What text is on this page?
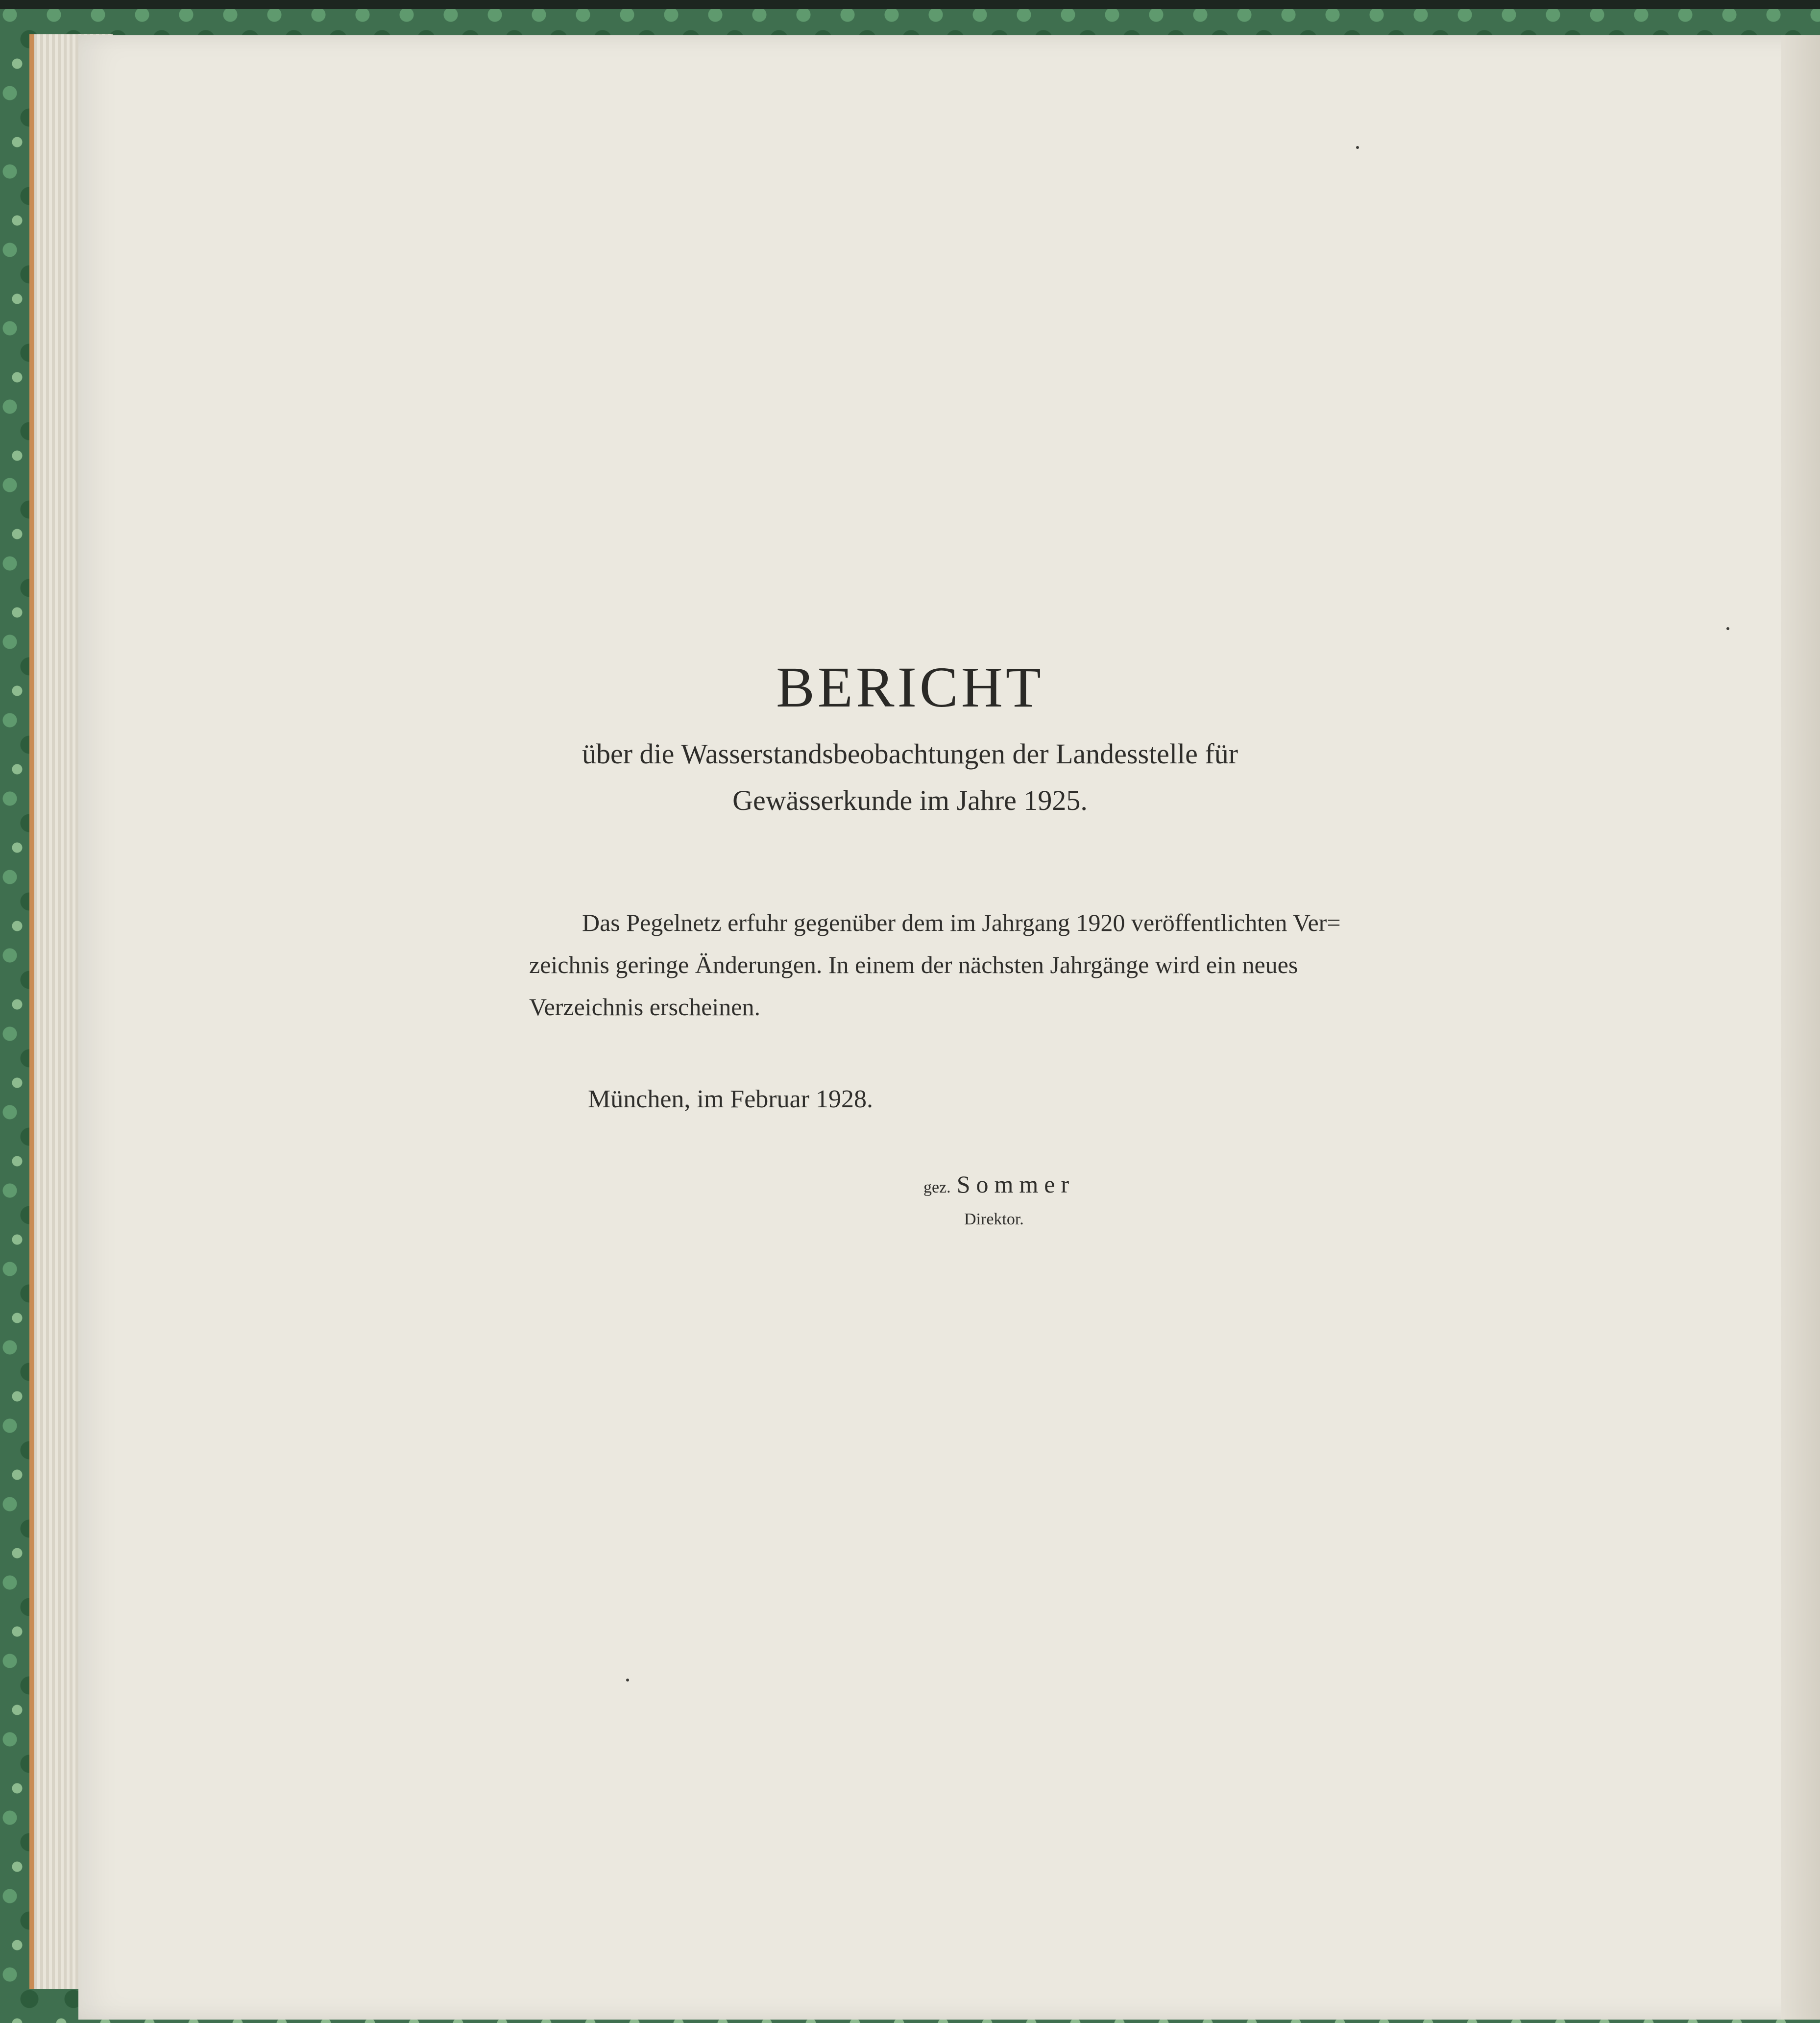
BERICHT
über die Wasserstandsbeobachtungen der Landesstelle für
Gewässerkunde im Jahre 1925.
Das Pegelnetz erfuhr gegenüber dem im Jahrgang 1920 veröffentlichten Ver=
zeichnis geringe Änderungen. In einem der nächsten Jahrgänge wird ein neues
Verzeichnis erscheinen.
München, im Februar 1928.
gez. Sommer
Direktor.
